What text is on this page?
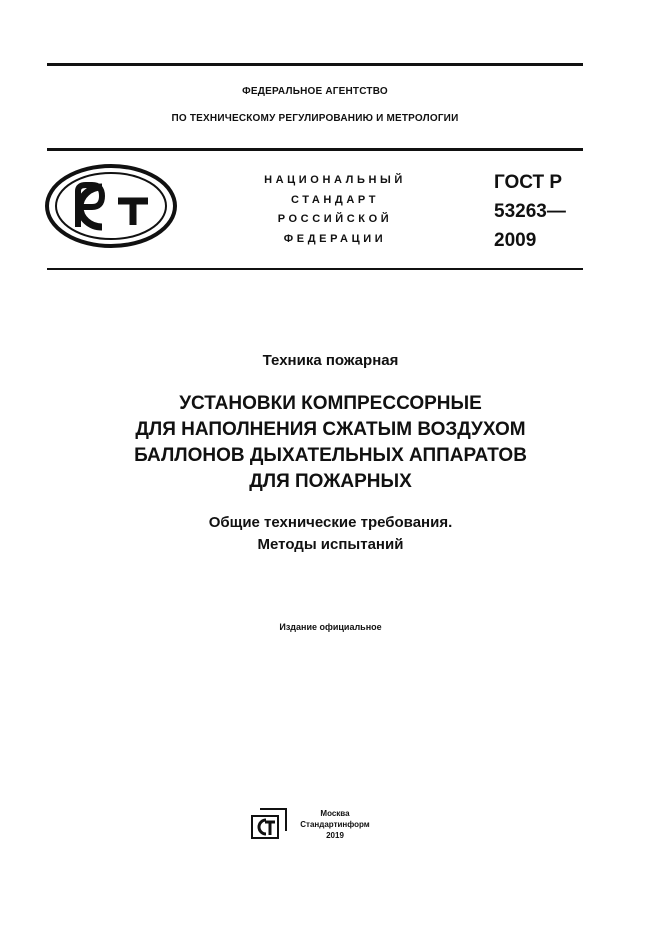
ФЕДЕРАЛЬНОЕ АГЕНТСТВО
ПО ТЕХНИЧЕСКОМУ РЕГУЛИРОВАНИЮ И МЕТРОЛОГИИ
НАЦИОНАЛЬНЫЙ
СТАНДАРТ
РОССИЙСКОЙ
ФЕДЕРАЦИИ
ГОСТ Р
53263—
2009
Техника пожарная
УСТАНОВКИ КОМПРЕССОРНЫЕ
ДЛЯ НАПОЛНЕНИЯ СЖАТЫМ ВОЗДУХОМ
БАЛЛОНОВ ДЫХАТЕЛЬНЫХ АППАРАТОВ
ДЛЯ ПОЖАРНЫХ
Общие технические требования.
Методы испытаний
Издание официальное
Москва
Стандартинформ
2019
